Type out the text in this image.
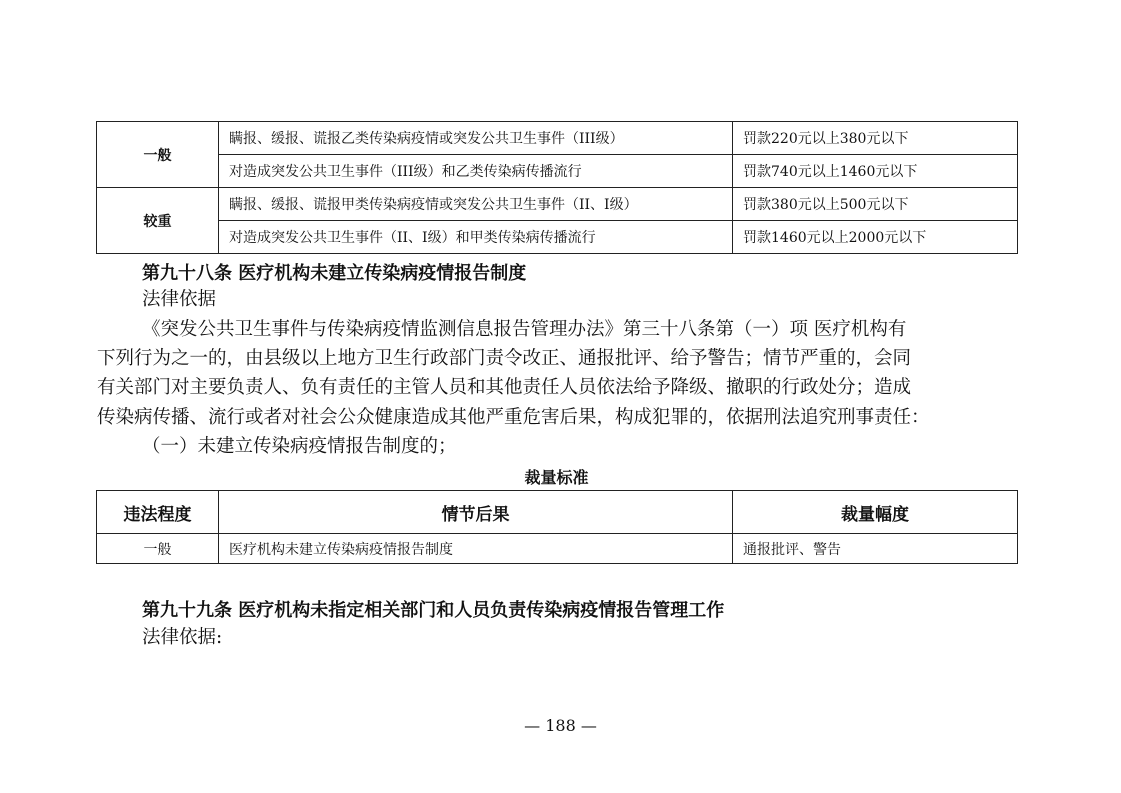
一般	瞒报、缓报、谎报乙类传染病疫情或突发公共卫生事件（III级）	罚款220元以上380元以下
	对造成突发公共卫生事件（III级）和乙类传染病传播流行	罚款740元以上1460元以下
较重	瞒报、缓报、谎报甲类传染病疫情或突发公共卫生事件（II、I级）	罚款380元以上500元以下
	对造成突发公共卫生事件（II、I级）和甲类传染病传播流行	罚款1460元以上2000元以下
第九十八条 医疗机构未建立传染病疫情报告制度
法律依据
《突发公共卫生事件与传染病疫情监测信息报告管理办法》第三十八条第（一）项 医疗机构有
下列行为之一的，由县级以上地方卫生行政部门责令改正、通报批评、给予警告；情节严重的，会同
有关部门对主要负责人、负有责任的主管人员和其他责任人员依法给予降级、撤职的行政处分；造成
传染病传播、流行或者对社会公众健康造成其他严重危害后果，构成犯罪的，依据刑法追究刑事责任：
（一）未建立传染病疫情报告制度的；
裁量标准
违法程度	情节后果	裁量幅度
一般	医疗机构未建立传染病疫情报告制度	通报批评、警告
第九十九条 医疗机构未指定相关部门和人员负责传染病疫情报告管理工作
法律依据:
— 188 —
